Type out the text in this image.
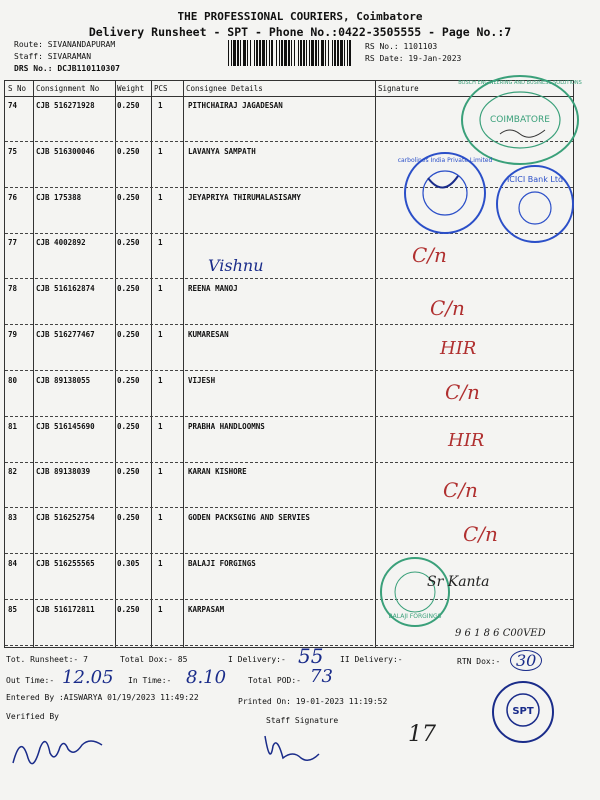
THE PROFESSIONAL COURIERS, Coimbatore
Delivery Runsheet - SPT - Phone No.:0422-3505555 - Page No.:7
Route: SIVANANDAPURAM
Staff: SIVARAMAN
DRS No.: DCJB110110307
RS No.: 1101103
RS Date: 19-Jan-2023
S No Consignment No Weight PCS Consignee Details	Signature
74	CJB 516271928	0.250 1	PITHCHAIRAJ JAGADESAN
75	CJB 516300046	0.250 1	LAVANYA SAMPATH
76	CJB 175388	0.250 1	JEYAPRIYA THIRUMALASISAMY
77	CJB 4002892	0.250 1
78	CJB 516162874	0.250 1	REENA MANOJ
79	CJB 516277467	0.250 1	KUMARESAN
80	CJB 89138055	0.250 1	VIJESH
81	CJB 516145690	0.250 1	PRABHA HANDLOOMNS
82	CJB 89138039	0.250 1	KARAN KISHORE
83	CJB 516252754	0.250 1	GODEN PACKSGING AND SERVIES
84	CJB 516255565	0.305 1	BALAJI FORGINGS
85	CJB 516172811	0.250 1	KARPASAM
COIMBATORE
BOSCH ENGINEERING AND BUSINESS SOLUTIONS
carbolines India Private Limited
ICICI Bank Ltd
BALAJI FORGINGS
SPT
Vishnu	C/n
C/n
HIR
C/n
HIR
C/n
C/n
Sr Kanta
9 6 1 8 6 C00VED
Tot. Runsheet:- 7	Total Dox:- 85	I Delivery:- 55 II Delivery:-	RTN Dox:- 30
Out Time:- 12.05 In Time:- 8.10	Total POD:- 73
Entered By :AISWARYA 01/19/2023 11:49:22	Printed On: 19-01-2023 11:19:52
Verified By	Staff Signature
17
